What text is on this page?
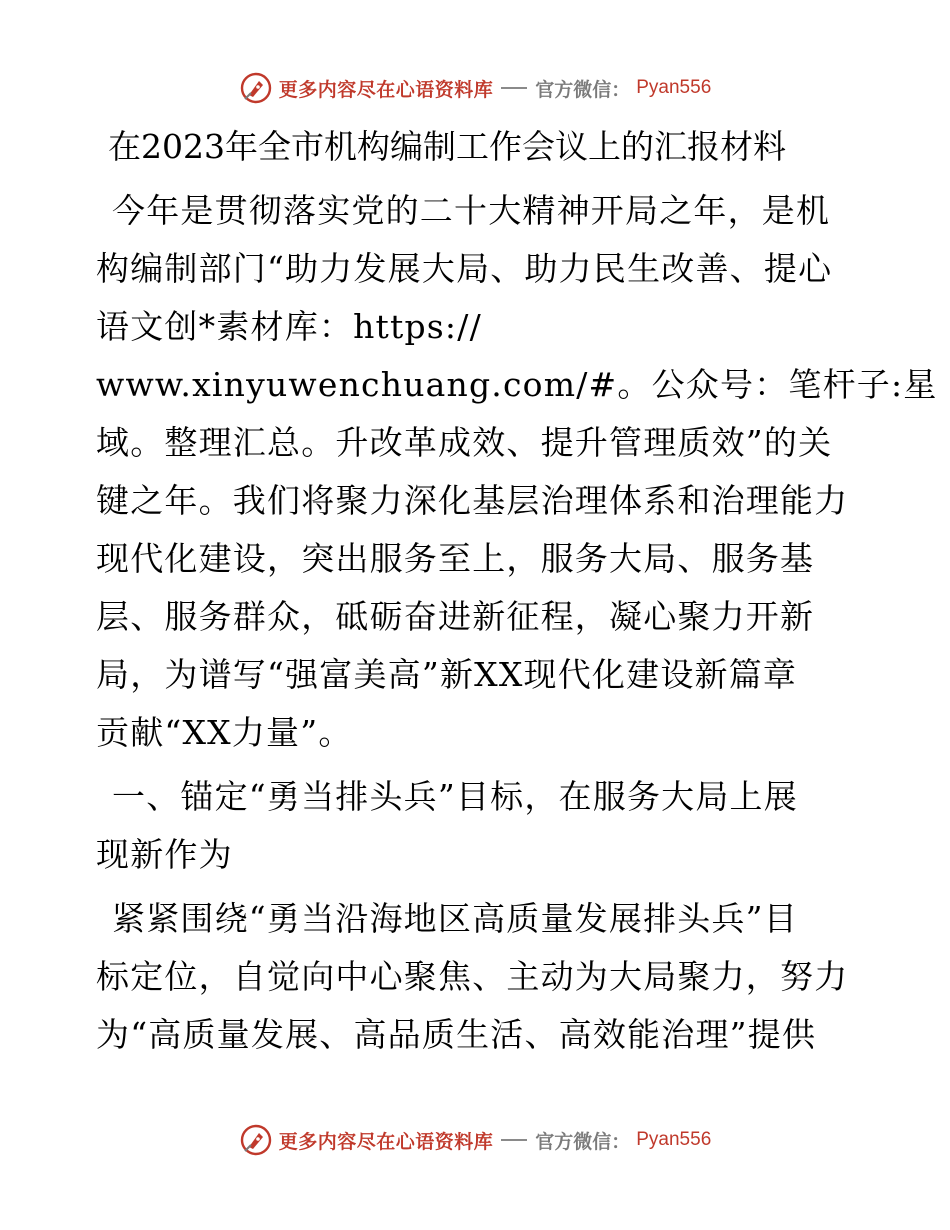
更多内容尽在心语资料库 官方微信： Pyan556
在2023年全市机构编制工作会议上的汇报材料
今年是贯彻落实党的二十大精神开局之年，是机
构编制部门“助力发展大局、助力民生改善、提心
语文创*素材库：https://
www.xinyuwenchuang.com/#。公众号：笔杆子:星
域。整理汇总。升改革成效、提升管理质效”的关
键之年。我们将聚力深化基层治理体系和治理能力
现代化建设，突出服务至上，服务大局、服务基
层、服务群众，砥砺奋进新征程，凝心聚力开新
局，为谱写“强富美高”新XX现代化建设新篇章
贡献“XX力量”。
一、锚定“勇当排头兵”目标，在服务大局上展
现新作为
紧紧围绕“勇当沿海地区高质量发展排头兵”目
标定位，自觉向中心聚焦、主动为大局聚力，努力
为“高质量发展、高品质生活、高效能治理”提供
更多内容尽在心语资料库 官方微信： Pyan556
